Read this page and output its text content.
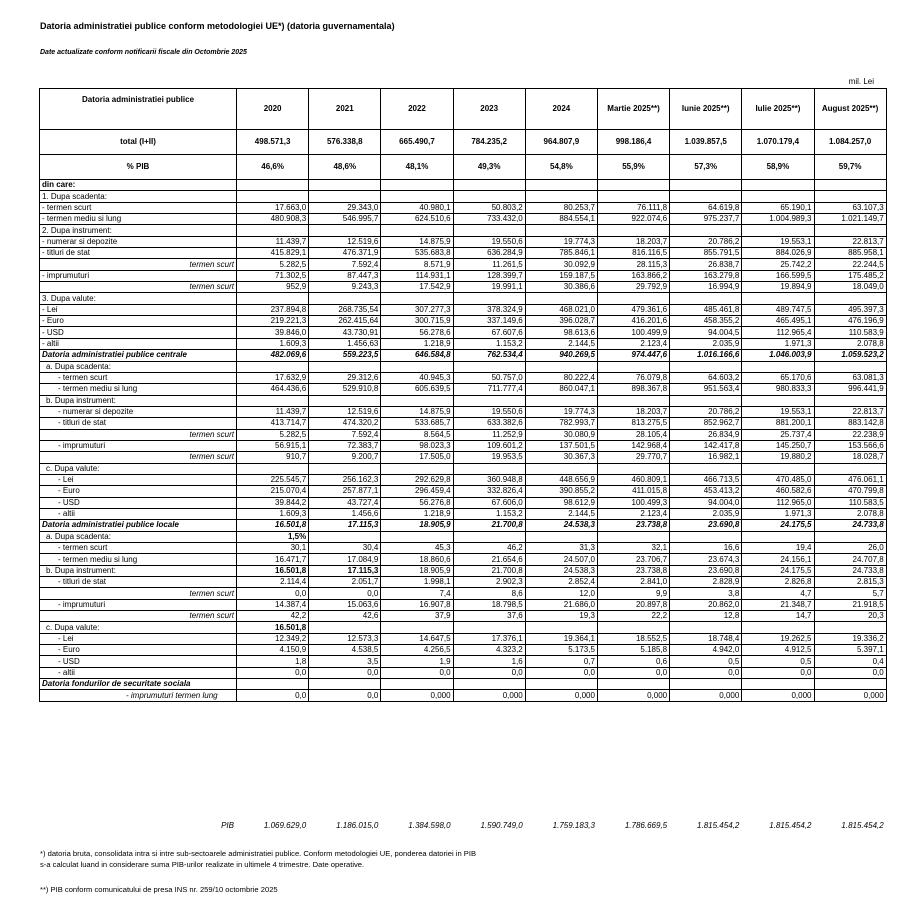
Datoria administratiei publice conform metodologiei UE*) (datoria guvernamentala)
Date actualizate conform notificarii fiscale din Octombrie 2025
mil. Lei
Datoria administratiei publice	2020	2021	2022	2023	2024	Martie 2025**)	Iunie 2025**)	Iulie 2025**)	August 2025**)
total (I+II)	498.571,3	576.338,8	665.490,7	784.235,2	964.807,9	998.186,4	1.039.857,5	1.070.179,4	1.084.257,0
% PIB	46,6%	48,6%	48,1%	49,3%	54,8%	55,9%	57,3%	58,9%	59,7%
din care:									
1. Dupa scadenta:									
- termen scurt	17.663,0	29.343,0	40.980,1	50.803,2	80.253,7	76.111,8	64.619,8	65.190,1	63.107,3
- termen mediu si lung	480.908,3	546.995,7	624.510,6	733.432,0	884.554,1	922.074,6	975.237,7	1.004.989,3	1.021.149,7
2. Dupa instrument:									
- numerar si depozite	11.439,7	12.519,6	14.875,9	19.550,6	19.774,3	18.203,7	20.786,2	19.553,1	22.813,7
- titluri de stat	415.829,1	476.371,9	535.683,8	636.284,9	785.846,1	816.116,5	855.791,5	884.026,9	885.958,1
termen scurt	5.282,5	7.592,4	8.571,9	11.261,5	30.092,9	28.115,3	26.838,7	25.742,2	22.244,5
- imprumuturi	71.302,5	87.447,3	114.931,1	128.399,7	159.187,5	163.866,2	163.279,8	166.599,5	175.485,2
termen scurt	952,9	9.243,3	17.542,9	19.991,1	30.386,6	29.792,9	16.994,9	19.894,9	18.049,0
3. Dupa valute:									
- Lei	237.894,8	268.735,54	307.277,3	378.324,9	468.021,0	479.361,6	485.461,8	489.747,5	495.397,3
- Euro	219.221,3	262.415,64	300.715,9	337.149,6	396.028,7	416.201,6	458.355,2	465.495,1	476.196,9
- USD	39.846,0	43.730,91	56.278,6	67.607,6	98.613,6	100.499,9	94.004,5	112.965,4	110.583,9
- altii	1.609,3	1.456,63	1.218,9	1.153,2	2.144,5	2.123,4	2.035,9	1.971,3	2.078,8
Datoria administratiei publice centrale	482.069,6	559.223,5	646.584,8	762.534,4	940.269,5	974.447,6	1.016.166,6	1.046.003,9	1.059.523,2
a. Dupa scadenta:									
- termen scurt	17.632,9	29.312,6	40.945,3	50.757,0	80.222,4	76.079,8	64.603,2	65.170,6	63.081,3
- termen mediu si lung	464.436,6	529.910,8	605.639,5	711.777,4	860.047,1	898.367,8	951.563,4	980.833,3	996.441,9
b. Dupa instrument:									
- numerar si depozite	11.439,7	12.519,6	14.875,9	19.550,6	19.774,3	18.203,7	20.786,2	19.553,1	22.813,7
- titluri de stat	413.714,7	474.320,2	533.685,7	633.382,6	782.993,7	813.275,5	852.962,7	881.200,1	883.142,8
termen scurt	5.282,5	7.592,4	8.564,5	11.252,9	30.080,9	28.105,4	26.834,9	25.737,4	22.238,9
- imprumuturi	56.915,1	72.383,7	98.023,3	109.601,2	137.501,5	142.968,4	142.417,8	145.250,7	153.566,6
termen scurt	910,7	9.200,7	17.505,0	19.953,5	30.367,3	29.770,7	16.982,1	19.880,2	18.028,7
c. Dupa valute:									
- Lei	225.545,7	256.162,3	292.629,8	360.948,8	448.656,9	460.809,1	466.713,5	470.485,0	476.061,1
- Euro	215.070,4	257.877,1	296.459,4	332.826,4	390.855,2	411.015,8	453.413,2	460.582,6	470.799,8
- USD	39.844,2	43.727,4	56.276,8	67.606,0	98.612,9	100.499,3	94.004,0	112.965,0	110.583,5
- altii	1.609,3	1.456,6	1.218,9	1.153,2	2.144,5	2.123,4	2.035,9	1.971,3	2.078,8
Datoria administratiei publice locale	16.501,8	17.115,3	18.905,9	21.700,8	24.538,3	23.738,8	23.690,8	24.175,5	24.733,8
a. Dupa scadenta:	1,5%								
- termen scurt	30,1	30,4	45,3	46,2	31,3	32,1	16,6	19,4	26,0
- termen mediu si lung	16.471,7	17.084,9	18.860,6	21.654,6	24.507,0	23.706,7	23.674,3	24.156,1	24.707,8
b. Dupa instrument:	16.501,8	17.115,3	18.905,9	21.700,8	24.538,3	23.738,8	23.690,8	24.175,5	24.733,8
- titluri de stat	2.114,4	2.051,7	1.998,1	2.902,3	2.852,4	2.841,0	2.828,9	2.826,8	2.815,3
termen scurt	0,0	0,0	7,4	8,6	12,0	9,9	3,8	4,7	5,7
- imprumuturi	14.387,4	15.063,6	16.907,8	18.798,5	21.686,0	20.897,8	20.862,0	21.348,7	21.918,5
termen scurt	42,2	42,6	37,9	37,6	19,3	22,2	12,8	14,7	20,3
c. Dupa valute:	16.501,8								
- Lei	12.349,2	12.573,3	14.647,5	17.376,1	19.364,1	18.552,5	18.748,4	19.262,5	19.336,2
- Euro	4.150,9	4.538,5	4.256,5	4.323,2	5.173,5	5.185,8	4.942,0	4.912,5	5.397,1
- USD	1,8	3,5	1,9	1,6	0,7	0,6	0,5	0,5	0,4
- altii	0,0	0,0	0,0	0,0	0,0	0,0	0,0	0,0	0,0
Datoria fondurilor de securitate sociala									
- imprumuturi termen lung	0,0	0,0	0,000	0,000	0,000	0,000	0,000	0,000	0,000
PIB	1.069.629,0	1.186.015,0	1.384.598,0	1.590.749,0	1.759.183,3	1.786.669,5	1.815.454,2	1.815.454,2	1.815.454,2
*) datoria bruta, consolidata intra si intre sub-sectoarele administratiei publice. Conform metodologiei UE, ponderea datoriei in PIB
s-a calculat luand in considerare suma PIB-urilor realizate in ultimele 4 trimestre. Date operative.
**) PIB conform comunicatului de presa INS nr. 259/10 octombrie 2025
